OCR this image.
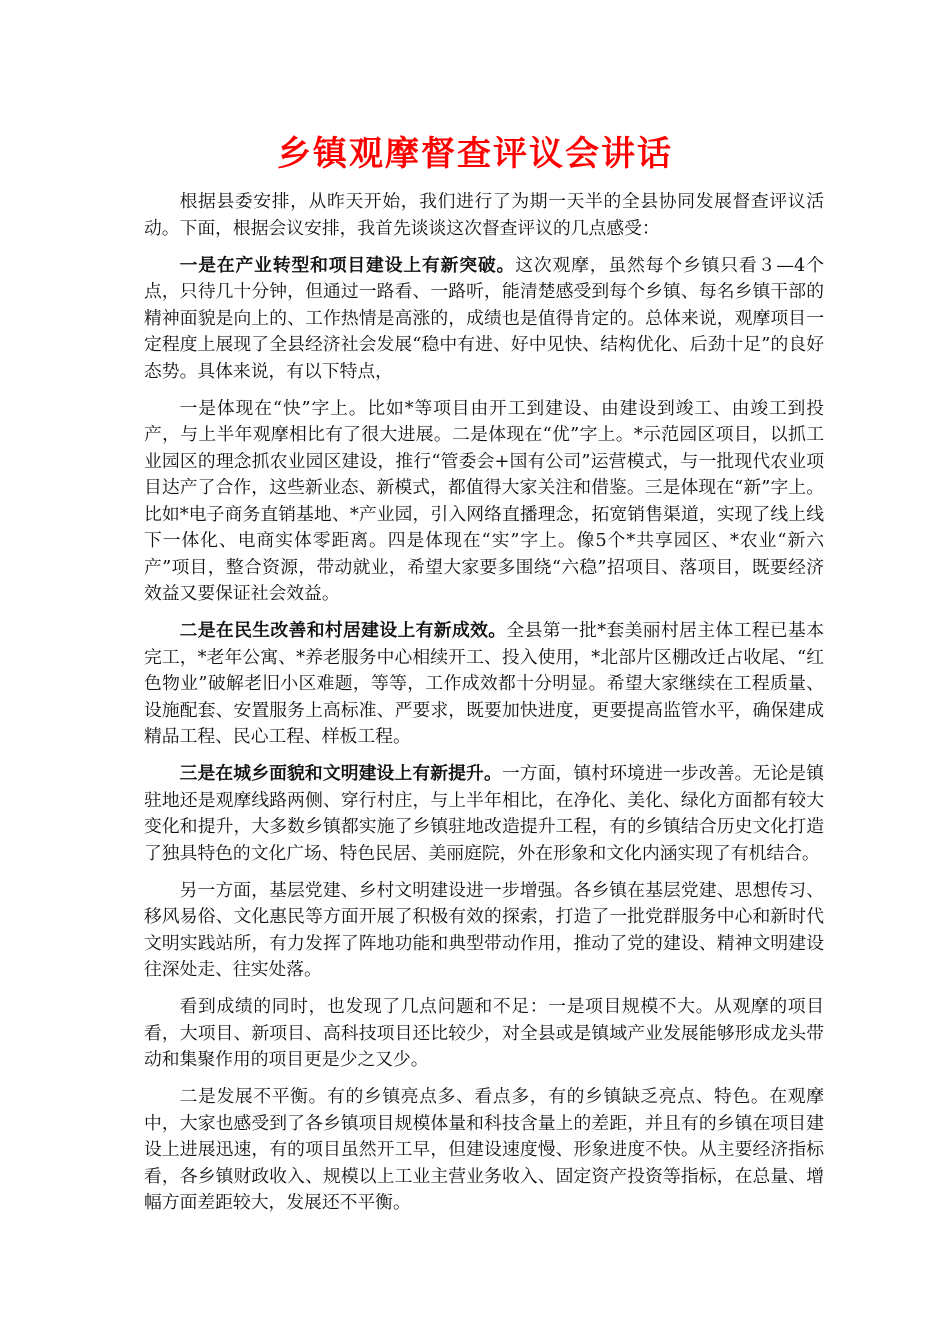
乡镇观摩督查评议会讲话

根据县委安排，从昨天开始，我们进行了为期一天半的全县协同发展督查评议活动。下面，根据会议安排，我首先谈谈这次督查评议的几点感受：

一是在产业转型和项目建设上有新突破。这次观摩，虽然每个乡镇只看３—4个点，只待几十分钟，但通过一路看、一路听，能清楚感受到每个乡镇、每名乡镇干部的精神面貌是向上的、工作热情是高涨的，成绩也是值得肯定的。总体来说，观摩项目一定程度上展现了全县经济社会发展“稳中有进、好中见快、结构优化、后劲十足”的良好态势。具体来说，有以下特点，

一是体现在“快”字上。比如*等项目由开工到建设、由建设到竣工、由竣工到投产，与上半年观摩相比有了很大进展。二是体现在“优”字上。*示范园区项目，以抓工业园区的理念抓农业园区建设，推行“管委会+国有公司”运营模式，与一批现代农业项目达产了合作，这些新业态、新模式，都值得大家关注和借鉴。三是体现在“新”字上。比如*电子商务直销基地、*产业园，引入网络直播理念，拓宽销售渠道，实现了线上线下一体化、电商实体零距离。四是体现在“实”字上。像5个*共享园区、*农业“新六产”项目，整合资源，带动就业，希望大家要多围绕“六稳”招项目、落项目，既要经济效益又要保证社会效益。

二是在民生改善和村居建设上有新成效。全县第一批*套美丽村居主体工程已基本完工，*老年公寓、*养老服务中心相续开工、投入使用，*北部片区棚改迁占收尾、“红色物业”破解老旧小区难题，等等，工作成效都十分明显。希望大家继续在工程质量、设施配套、安置服务上高标准、严要求，既要加快进度，更要提高监管水平，确保建成精品工程、民心工程、样板工程。

三是在城乡面貌和文明建设上有新提升。一方面，镇村环境进一步改善。无论是镇驻地还是观摩线路两侧、穿行村庄，与上半年相比，在净化、美化、绿化方面都有较大变化和提升，大多数乡镇都实施了乡镇驻地改造提升工程，有的乡镇结合历史文化打造了独具特色的文化广场、特色民居、美丽庭院，外在形象和文化内涵实现了有机结合。

另一方面，基层党建、乡村文明建设进一步增强。各乡镇在基层党建、思想传习、移风易俗、文化惠民等方面开展了积极有效的探索，打造了一批党群服务中心和新时代文明实践站所，有力发挥了阵地功能和典型带动作用，推动了党的建设、精神文明建设往深处走、往实处落。

看到成绩的同时，也发现了几点问题和不足：一是项目规模不大。从观摩的项目看，大项目、新项目、高科技项目还比较少，对全县或是镇域产业发展能够形成龙头带动和集聚作用的项目更是少之又少。

二是发展不平衡。有的乡镇亮点多、看点多，有的乡镇缺乏亮点、特色。在观摩中，大家也感受到了各乡镇项目规模体量和科技含量上的差距，并且有的乡镇在项目建设上进展迅速，有的项目虽然开工早，但建设速度慢、形象进度不快。从主要经济指标看，各乡镇财政收入、规模以上工业主营业务收入、固定资产投资等指标，在总量、增幅方面差距较大，发展还不平衡。
